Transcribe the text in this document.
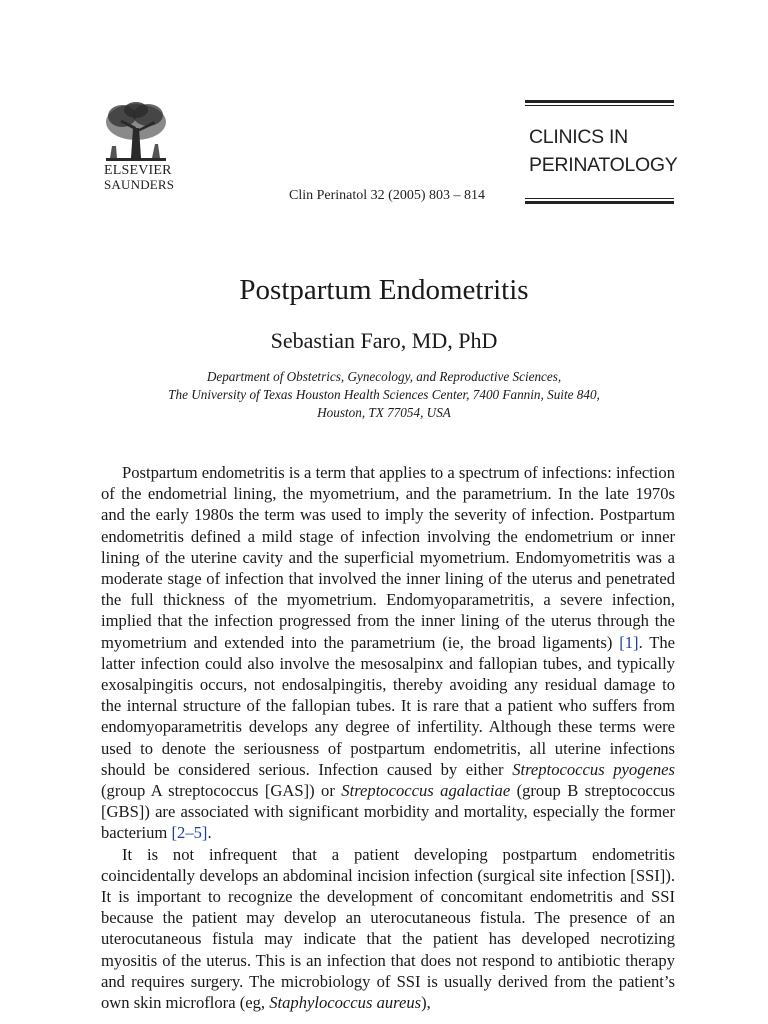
ELSEVIER
SAUNDERS
Clin Perinatol 32 (2005) 803 – 814
CLINICS IN
PERINATOLOGY
Postpartum Endometritis
Sebastian Faro, MD, PhD
Department of Obstetrics, Gynecology, and Reproductive Sciences,
The University of Texas Houston Health Sciences Center, 7400 Fannin, Suite 840,
Houston, TX 77054, USA

Postpartum endometritis is a term that applies to a spectrum of infections: infection of the endometrial lining, the myometrium, and the parametrium. In the late 1970s and the early 1980s the term was used to imply the severity of infection. Postpartum endometritis defined a mild stage of infection involving the endometrium or inner lining of the uterine cavity and the superficial myometrium. Endomyometritis was a moderate stage of infection that involved the inner lining of the uterus and penetrated the full thickness of the myometrium. Endomyoparametritis, a severe infection, implied that the infection progressed from the inner lining of the uterus through the myometrium and extended into the parametrium (ie, the broad ligaments) [1]. The latter infection could also involve the mesosalpinx and fallopian tubes, and typically exosalpingitis occurs, not endosalpingitis, thereby avoiding any residual damage to the internal structure of the fallopian tubes. It is rare that a patient who suffers from endomyoparametritis develops any degree of infertility. Although these terms were used to denote the seriousness of postpartum endometritis, all uterine infections should be considered serious. Infection caused by either Streptococcus pyogenes (group A streptococcus [GAS]) or Streptococcus agalactiae (group B streptococcus [GBS]) are associated with significant morbidity and mortality, especially the former bacterium [2–5].

It is not infrequent that a patient developing postpartum endometritis coincidentally develops an abdominal incision infection (surgical site infection [SSI]). It is important to recognize the development of concomitant endometritis and SSI because the patient may develop an uterocutaneous fistula. The presence of an uterocutaneous fistula may indicate that the patient has developed necrotizing myositis of the uterus. This is an infection that does not respond to antibiotic therapy and requires surgery. The microbiology of SSI is usually derived from the patient’s own skin microflora (eg, Staphylococcus aureus),
